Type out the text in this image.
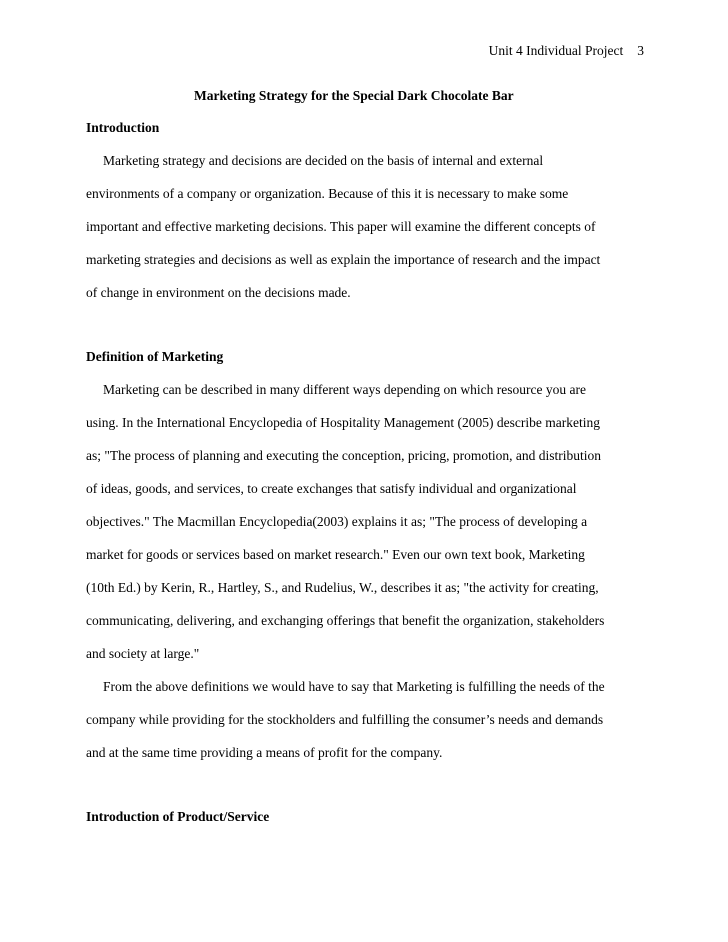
Unit 4 Individual Project 3
Marketing Strategy for the Special Dark Chocolate Bar
Introduction
Marketing strategy and decisions are decided on the basis of internal and external
environments of a company or organization. Because of this it is necessary to make some
important and effective marketing decisions. This paper will examine the different concepts of
marketing strategies and decisions as well as explain the importance of research and the impact
of change in environment on the decisions made.
Definition of Marketing
Marketing can be described in many different ways depending on which resource you are
using. In the International Encyclopedia of Hospitality Management (2005) describe marketing
as; "The process of planning and executing the conception, pricing, promotion, and distribution
of ideas, goods, and services, to create exchanges that satisfy individual and organizational
objectives." The Macmillan Encyclopedia(2003) explains it as; "The process of developing a
market for goods or services based on market research." Even our own text book, Marketing
(10th Ed.) by Kerin, R., Hartley, S., and Rudelius, W., describes it as; "the activity for creating,
communicating, delivering, and exchanging offerings that benefit the organization, stakeholders
and society at large."
From the above definitions we would have to say that Marketing is fulfilling the needs of the
company while providing for the stockholders and fulfilling the consumer’s needs and demands
and at the same time providing a means of profit for the company.
Introduction of Product/Service
